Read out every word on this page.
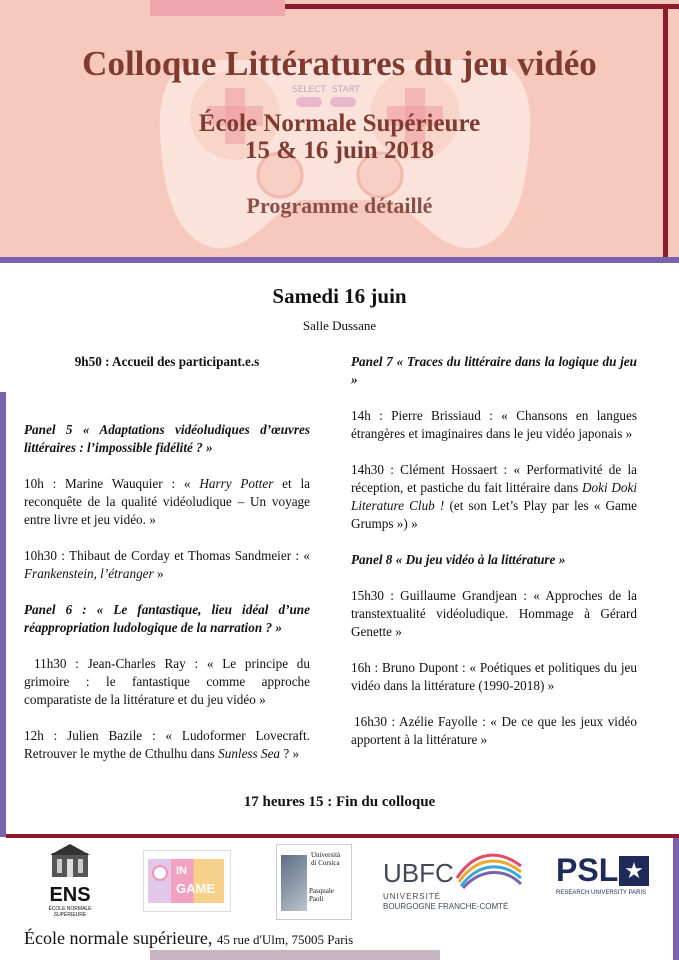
SELECT START
Colloque Littératures du jeu vidéo
École Normale Supérieure
15 & 16 juin 2018
Programme détaillé
Samedi 16 juin
Salle Dussane

9h50 : Accueil des participant.e.s

Panel 5 « Adaptations vidéoludiques d’œuvres littéraires : l’impossible fidélité ? »

10h : Marine Wauquier : « Harry Potter et la reconquête de la qualité vidéoludique – Un voyage entre livre et jeu vidéo. »

10h30 : Thibaut de Corday et Thomas Sandmeier : « Frankenstein, l’étranger »

Panel 6 : « Le fantastique, lieu idéal d’une réappropriation ludologique de la narration ? »

11h30 : Jean-Charles Ray : « Le principe du grimoire : le fantastique comme approche comparatiste de la littérature et du jeu vidéo »

12h : Julien Bazile : « Ludoformer Lovecraft. Retrouver le mythe de Cthulhu dans Sunless Sea ? »

Panel 7 « Traces du littéraire dans la logique du jeu »

14h : Pierre Brissiaud : « Chansons en langues étrangères et imaginaires dans le jeu vidéo japonais »

14h30 : Clément Hossaert : « Performativité de la réception, et pastiche du fait littéraire dans Doki Doki Literature Club ! (et son Let’s Play par les « Game Grumps ») »

Panel 8 « Du jeu vidéo à la littérature »

15h30 : Guillaume Grandjean : « Approches de la transtextualité vidéoludique. Hommage à Gérard Genette »

16h : Bruno Dupont : « Poétiques et politiques du jeu vidéo dans la littérature (1990-2018) »

16h30 : Azélie Fayolle : « De ce que les jeux vidéo apportent à la littérature »

17 heures 15 : Fin du colloque
ENS
ÉCOLE NORMALE
SUPÉRIEURE
IN
GAME
Università
di Corsica
Pasquale
Paoli
UBFC
UNIVERSITÉ
BOURGOGNE FRANCHE-COMTÉ
PSL ★
RESEARCH UNIVERSITY PARIS
École normale supérieure, 45 rue d'Ulm, 75005 Paris
